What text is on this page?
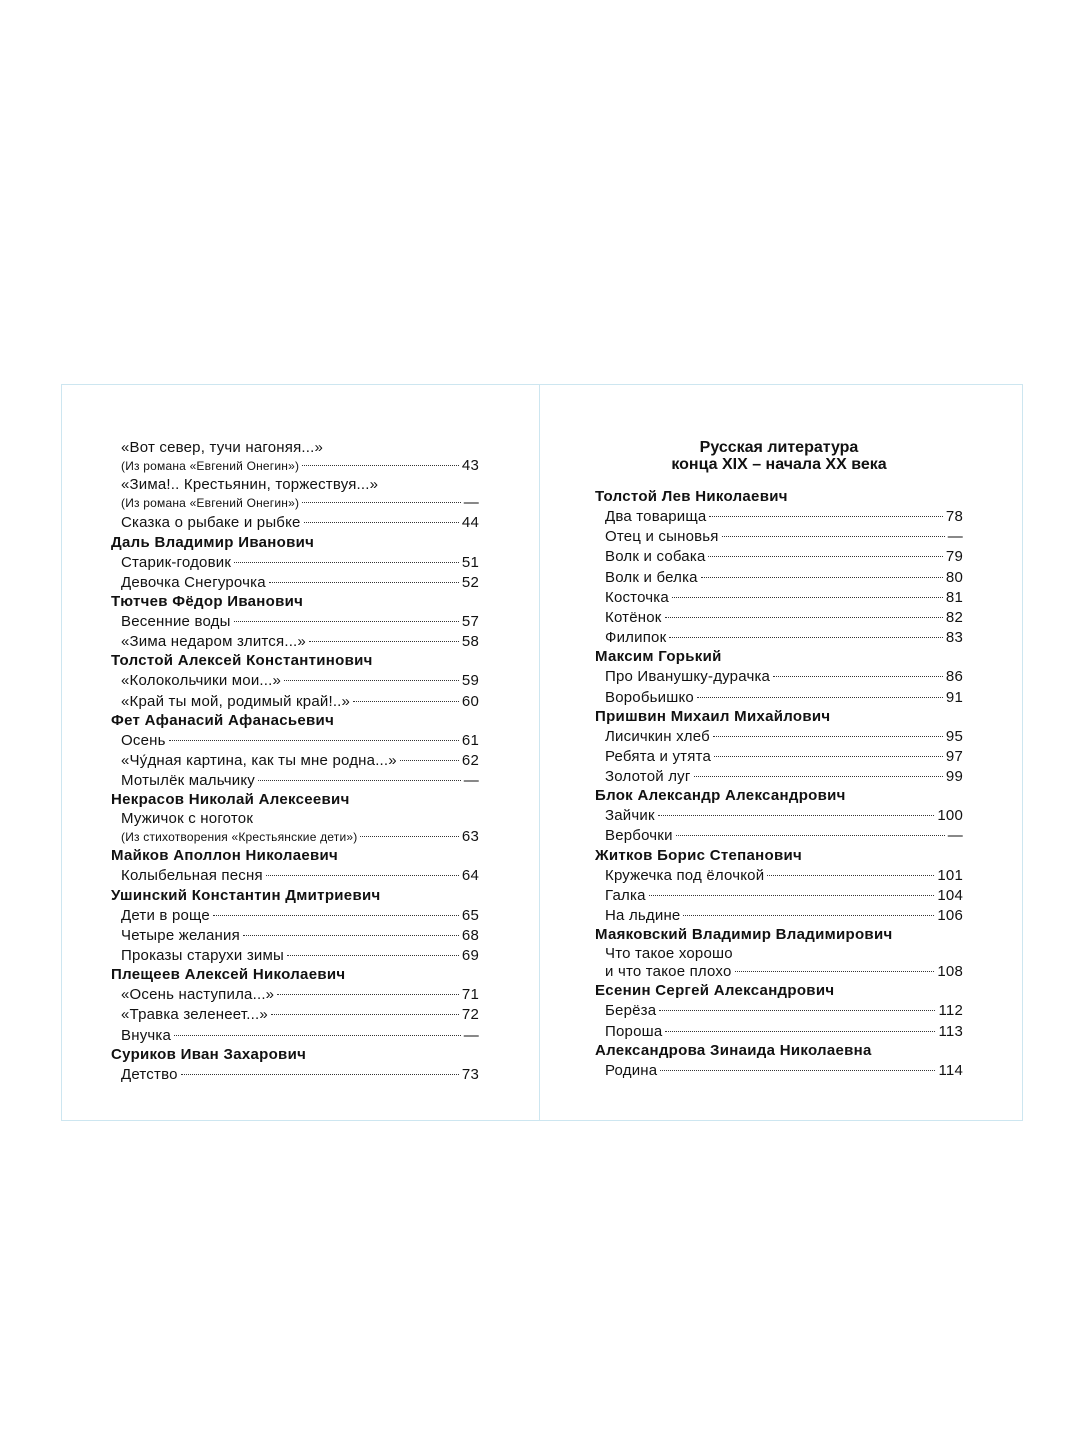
«Вот север, тучи нагоняя...»
(Из романа «Евгений Онегин»)	43
«Зима!.. Крестьянин, торжествуя...»
(Из романа «Евгений Онегин»)	—
Сказка о рыбаке и рыбке	44
Даль Владимир Иванович
Старик-годовик	51
Девочка Снегурочка	52
Тютчев Фёдор Иванович
Весенние воды	57
«Зима недаром злится...»	58
Толстой Алексей Константинович
«Колокольчики мои...»	59
«Край ты мой, родимый край!..»	60
Фет Афанасий Афанасьевич
Осень	61
«Чу́дная картина, как ты мне родна...»	62
Мотылёк мальчику	—
Некрасов Николай Алексеевич
Мужичок с ноготок
(Из стихотворения «Крестьянские дети»)	63
Майков Аполлон Николаевич
Колыбельная песня	64
Ушинский Константин Дмитриевич
Дети в роще	65
Четыре желания	68
Проказы старухи зимы	69
Плещеев Алексей Николаевич
«Осень наступила...»	71
«Травка зеленеет...»	72
Внучка	—
Суриков Иван Захарович
Детство	73
Русская литература
конца XIX – начала XX века
Толстой Лев Николаевич
Два товарища	78
Отец и сыновья	—
Волк и собака	79
Волк и белка	80
Косточка	81
Котёнок	82
Филипок	83
Максим Горький
Про Иванушку-дурачка	86
Воробьишко	91
Пришвин Михаил Михайлович
Лисичкин хлеб	95
Ребята и утята	97
Золотой луг	99
Блок Александр Александрович
Зайчик	100
Вербочки	—
Житков Борис Степанович
Кружечка под ёлочкой	101
Галка	104
На льдине	106
Маяковский Владимир Владимирович
Что такое хорошо
и что такое плохо	108
Есенин Сергей Александрович
Берёза	112
Пороша	113
Александрова Зинаида Николаевна
Родина	114
